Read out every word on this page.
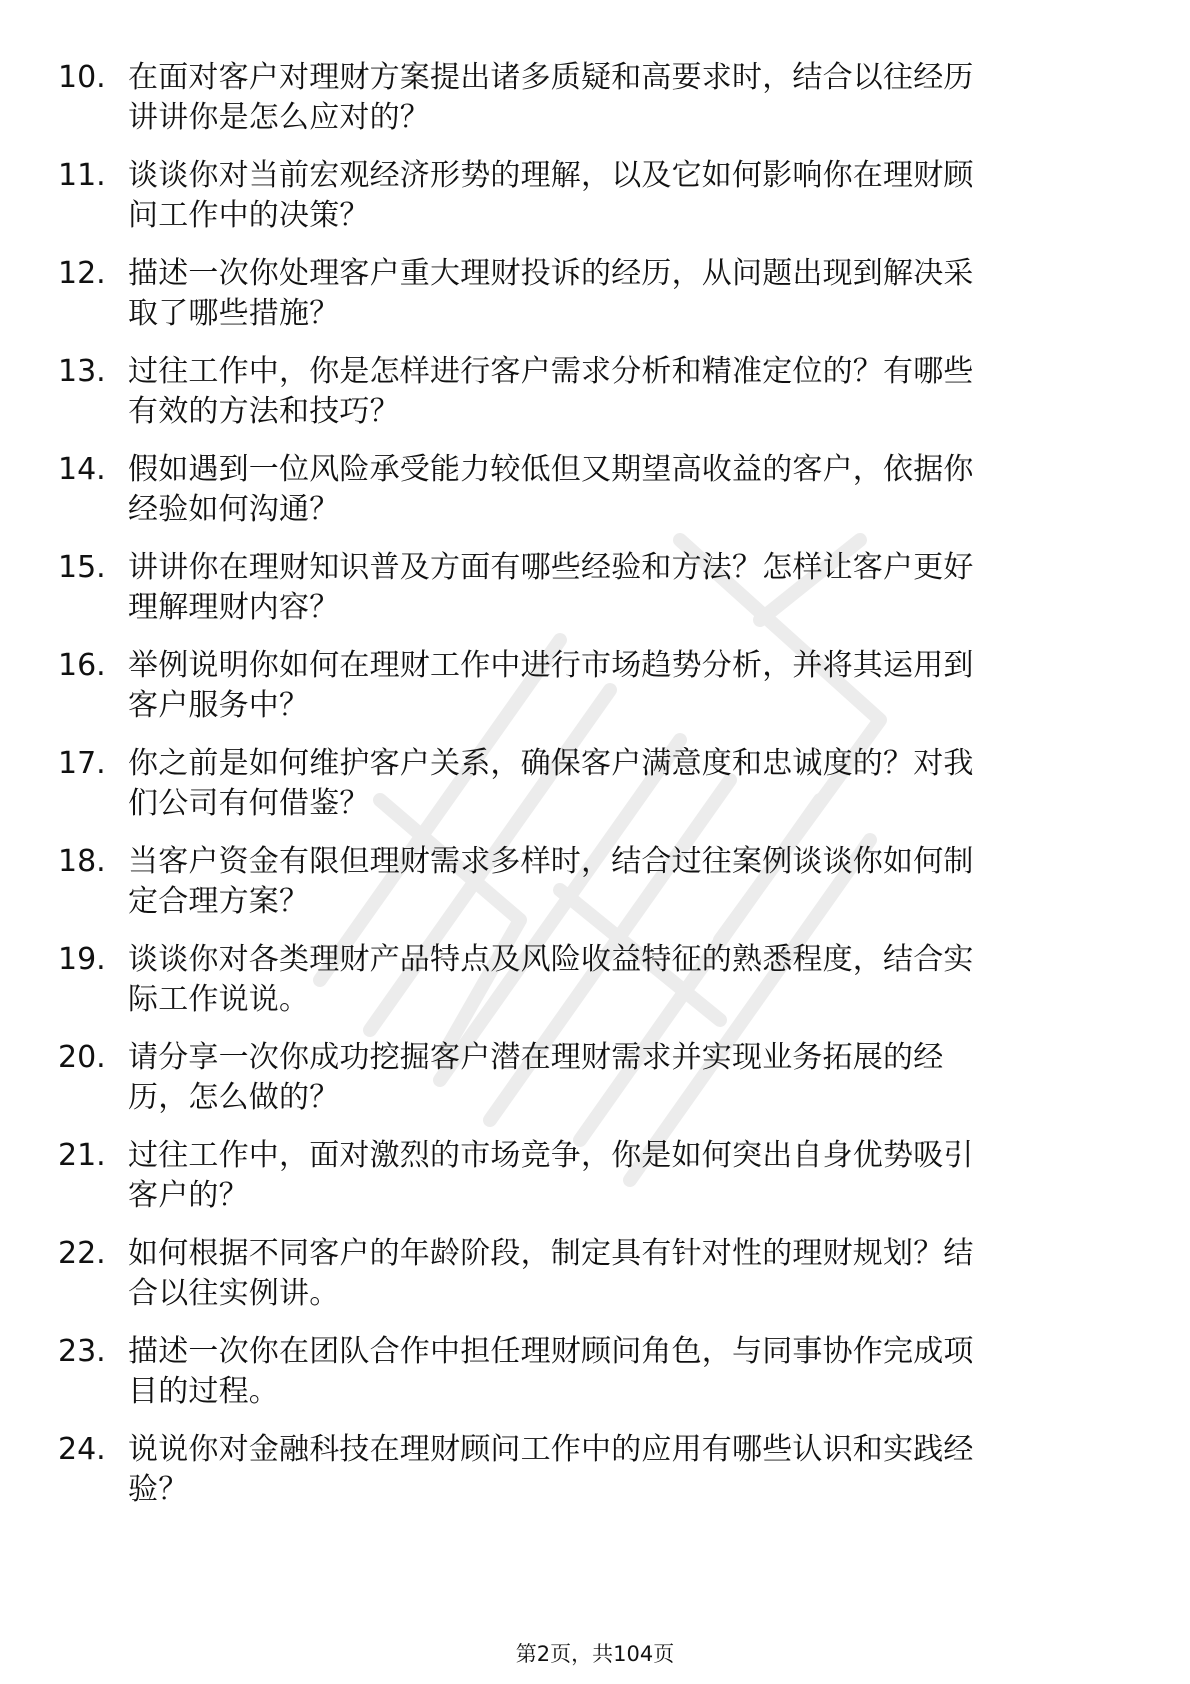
10. 在面对客户对理财方案提出诸多质疑和高要求时，结合以往经历
讲讲你是怎么应对的？
11. 谈谈你对当前宏观经济形势的理解，以及它如何影响你在理财顾
问工作中的决策？
12. 描述一次你处理客户重大理财投诉的经历，从问题出现到解决采
取了哪些措施？
13. 过往工作中，你是怎样进行客户需求分析和精准定位的？有哪些
有效的方法和技巧？
14. 假如遇到一位风险承受能力较低但又期望高收益的客户，依据你
经验如何沟通？
15. 讲讲你在理财知识普及方面有哪些经验和方法？怎样让客户更好
理解理财内容？
16. 举例说明你如何在理财工作中进行市场趋势分析，并将其运用到
客户服务中？
17. 你之前是如何维护客户关系，确保客户满意度和忠诚度的？对我
们公司有何借鉴？
18. 当客户资金有限但理财需求多样时，结合过往案例谈谈你如何制
定合理方案？
19. 谈谈你对各类理财产品特点及风险收益特征的熟悉程度，结合实
际工作说说。
20. 请分享一次你成功挖掘客户潜在理财需求并实现业务拓展的经
历，怎么做的？
21. 过往工作中，面对激烈的市场竞争，你是如何突出自身优势吸引
客户的？
22. 如何根据不同客户的年龄阶段，制定具有针对性的理财规划？结
合以往实例讲。
23. 描述一次你在团队合作中担任理财顾问角色，与同事协作完成项
目的过程。
24. 说说你对金融科技在理财顾问工作中的应用有哪些认识和实践经
验？
第2页，共104页
